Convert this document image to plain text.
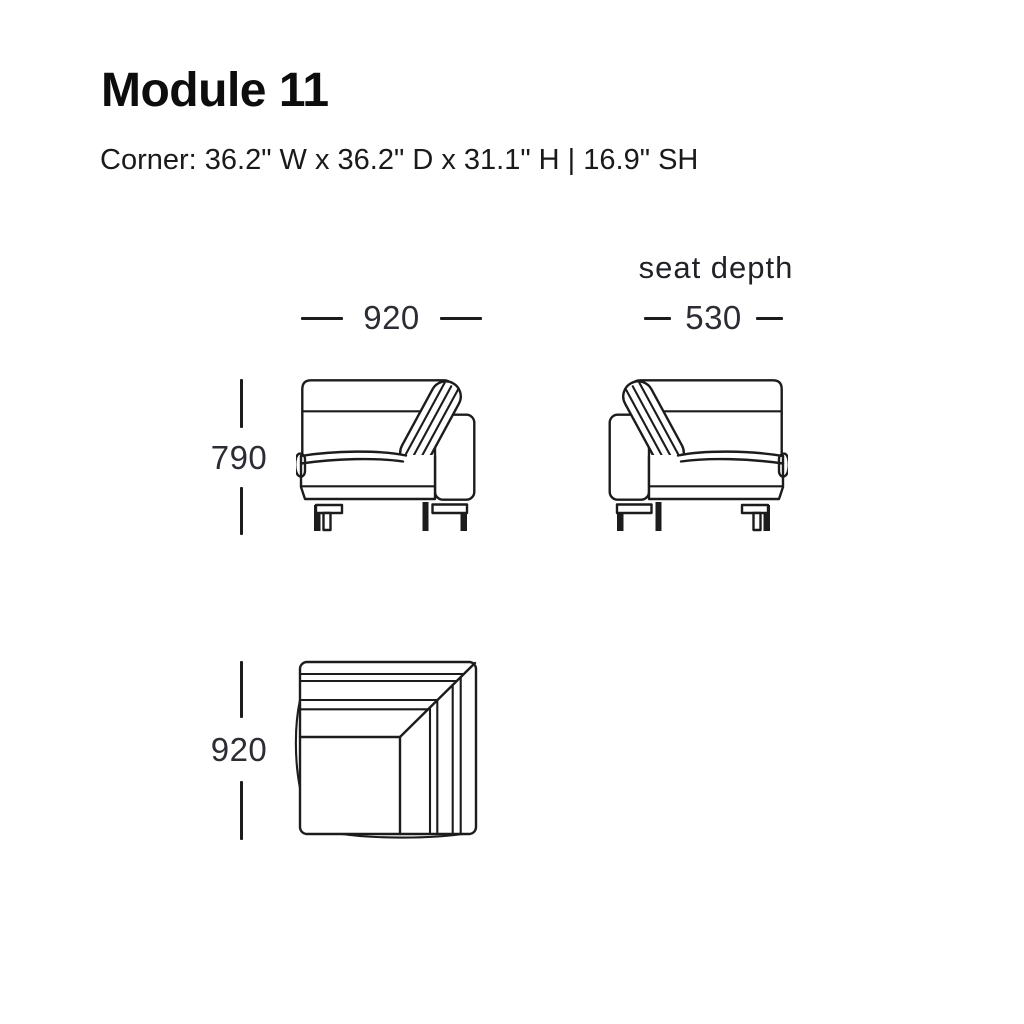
Module 11
Corner: 36.2" W x 36.2" D x 31.1" H | 16.9" SH
920
seat depth
530
790
920
